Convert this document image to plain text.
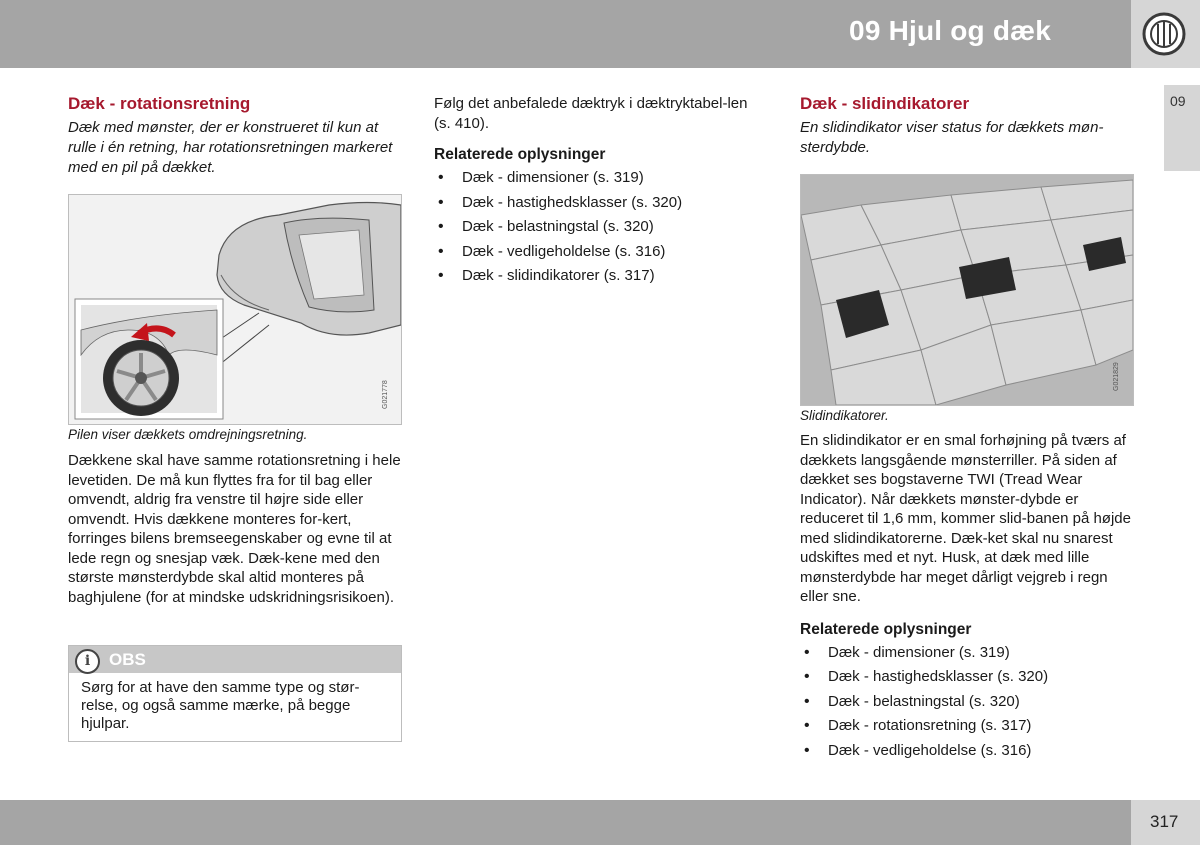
09 Hjul og dæk
09
Dæk - rotationsretning

Dæk med mønster, der er konstrueret til kun at rulle i én retning, har rotationsretningen markeret med en pil på dækket.

G021778
Pilen viser dækkets omdrejningsretning.

Dækkene skal have samme rotationsretning i hele levetiden. De må kun flyttes fra for til bag eller omvendt, aldrig fra venstre til højre side eller omvendt. Hvis dækkene monteres for-kert, forringes bilens bremseegenskaber og evne til at lede regn og snesjap væk. Dæk-kene med den største mønsterdybde skal altid monteres på baghjulene (for at mindske udskridningsrisikoen).

i	OBS
Sørg for at have den samme type og stør-relse, og også samme mærke, på begge hjulpar.

Følg det anbefalede dæktryk i dæktryktabel-len (s. 410).

Relaterede oplysninger
• Dæk - dimensioner (s. 319)
• Dæk - hastighedsklasser (s. 320)
• Dæk - belastningstal (s. 320)
• Dæk - vedligeholdelse (s. 316)
• Dæk - slidindikatorer (s. 317)
Dæk - slidindikatorer

En slidindikator viser status for dækkets møn-sterdybde.

G021829
Slidindikatorer.

En slidindikator er en smal forhøjning på tværs af dækkets langsgående mønsterriller. På siden af dækket ses bogstaverne TWI (Tread Wear Indicator). Når dækkets mønster-dybde er reduceret til 1,6 mm, kommer slid-banen på højde med slidindikatorerne. Dæk-ket skal nu snarest udskiftes med et nyt. Husk, at dæk med lille mønsterdybde har meget dårligt vejgreb i regn eller sne.

Relaterede oplysninger
• Dæk - dimensioner (s. 319)
• Dæk - hastighedsklasser (s. 320)
• Dæk - belastningstal (s. 320)
• Dæk - rotationsretning (s. 317)
• Dæk - vedligeholdelse (s. 316)
317
